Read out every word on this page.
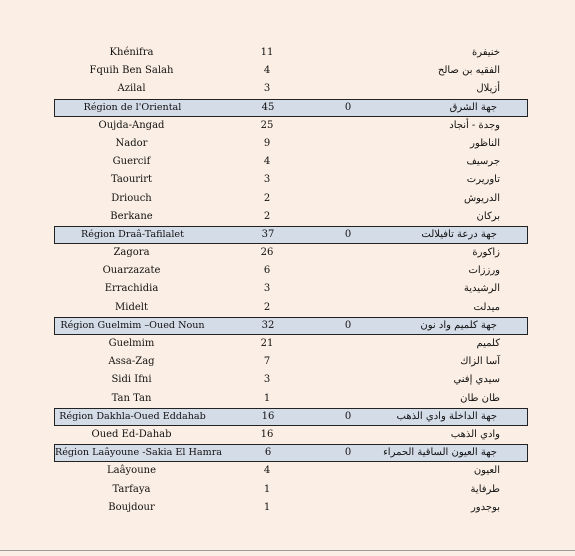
Khénifra	11	خنيفرة
Fquih Ben Salah	4	الفقيه بن صالح
Azilal	3	أزيلال
Région de l'Oriental	45	0	جهة الشرق
Oujda-Angad	25	وجدة - أنجاد
Nador	9	الناظور
Guercif	4	جرسيف
Taourirt	3	تاوريرت
Driouch	2	الدريوش
Berkane	2	بركان
Région Draâ-Tafilalet	37	0	جهة درعة تافيلالت
Zagora	26	زاكورة
Ouarzazate	6	ورززات
Errachidia	3	الرشيدية
Midelt	2	ميدلت
Région Guelmim –Oued Noun	32	0	جهة كلميم واد نون
Guelmim	21	كلميم
Assa-Zag	7	آسا الزاك
Sidi Ifni	3	سيدي إفني
Tan Tan	1	طان طان
Région Dakhla-Oued Eddahab	16	0	جهة الداخلة وادي الذهب
Oued Ed-Dahab	16	وادي الذهب
Région Laâyoune -Sakia El Hamra	6	0	جهة العيون الساقية الحمراء
Laâyoune	4	العيون
Tarfaya	1	طرفاية
Boujdour	1	بوجدور
